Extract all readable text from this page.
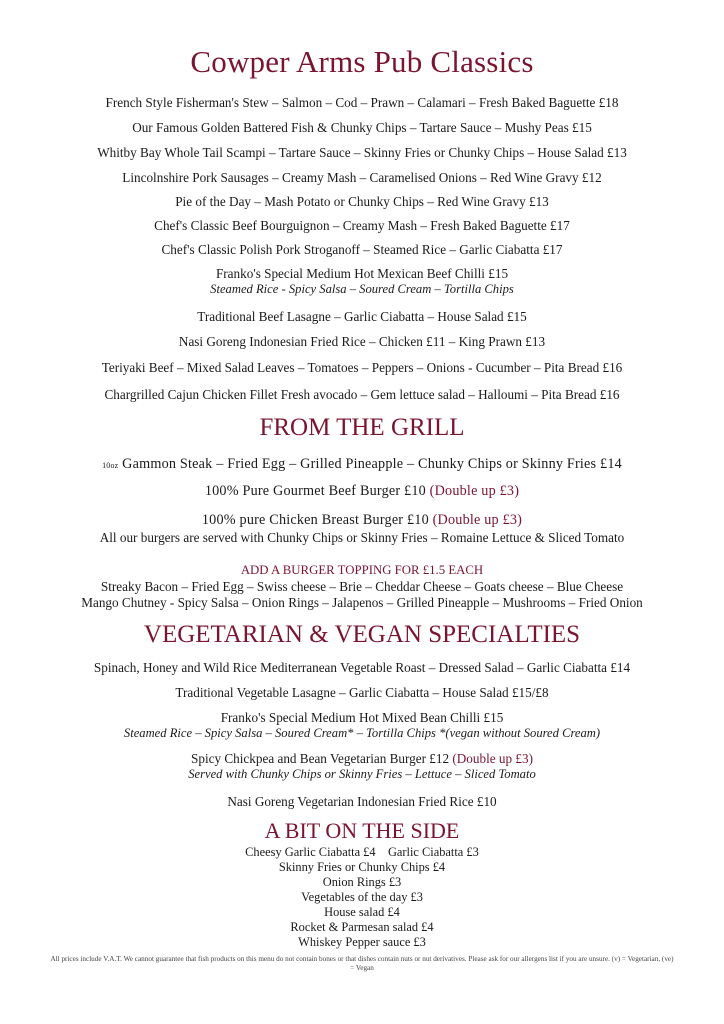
Cowper Arms Pub Classics
French Style Fisherman's Stew – Salmon – Cod – Prawn – Calamari – Fresh Baked Baguette £18
Our Famous Golden Battered Fish & Chunky Chips – Tartare Sauce – Mushy Peas £15
Whitby Bay Whole Tail Scampi – Tartare Sauce – Skinny Fries or Chunky Chips – House Salad £13
Lincolnshire Pork Sausages – Creamy Mash – Caramelised Onions – Red Wine Gravy £12
Pie of the Day – Mash Potato or Chunky Chips – Red Wine Gravy £13
Chef's Classic Beef Bourguignon – Creamy Mash – Fresh Baked Baguette £17
Chef's Classic Polish Pork Stroganoff – Steamed Rice – Garlic Ciabatta £17
Franko's Special Medium Hot Mexican Beef Chilli £15
Steamed Rice - Spicy Salsa – Soured Cream – Tortilla Chips
Traditional Beef Lasagne – Garlic Ciabatta – House Salad £15
Nasi Goreng Indonesian Fried Rice – Chicken £11 – King Prawn £13
Teriyaki Beef – Mixed Salad Leaves – Tomatoes – Peppers – Onions - Cucumber – Pita Bread £16
Chargrilled Cajun Chicken Fillet Fresh avocado – Gem lettuce salad – Halloumi – Pita Bread £16
FROM THE GRILL
10oz Gammon Steak – Fried Egg – Grilled Pineapple – Chunky Chips or Skinny Fries £14
100% Pure Gourmet Beef Burger £10 (Double up £3)
100% pure Chicken Breast Burger £10 (Double up £3)
All our burgers are served with Chunky Chips or Skinny Fries – Romaine Lettuce & Sliced Tomato
ADD A BURGER TOPPING FOR £1.5 EACH
Streaky Bacon – Fried Egg – Swiss cheese – Brie – Cheddar Cheese – Goats cheese – Blue Cheese
Mango Chutney - Spicy Salsa – Onion Rings – Jalapenos – Grilled Pineapple – Mushrooms – Fried Onion
VEGETARIAN & VEGAN SPECIALTIES
Spinach, Honey and Wild Rice Mediterranean Vegetable Roast – Dressed Salad – Garlic Ciabatta £14
Traditional Vegetable Lasagne – Garlic Ciabatta – House Salad £15/£8
Franko's Special Medium Hot Mixed Bean Chilli £15
Steamed Rice – Spicy Salsa – Soured Cream* – Tortilla Chips *(vegan without Soured Cream)
Spicy Chickpea and Bean Vegetarian Burger £12 (Double up £3)
Served with Chunky Chips or Skinny Fries – Lettuce – Sliced Tomato
Nasi Goreng Vegetarian Indonesian Fried Rice £10
A BIT ON THE SIDE
Cheesy Garlic Ciabatta £4    Garlic Ciabatta £3
Skinny Fries or Chunky Chips £4
Onion Rings £3
Vegetables of the day £3
House salad £4
Rocket & Parmesan salad £4
Whiskey Pepper sauce £3
All prices include V.A.T. We cannot guarantee that fish products on this menu do not contain bones or that dishes contain nuts or nut derivatives. Please ask for our allergens list if you are unsure. (v) = Vegetarian, (ve) = Vegan
